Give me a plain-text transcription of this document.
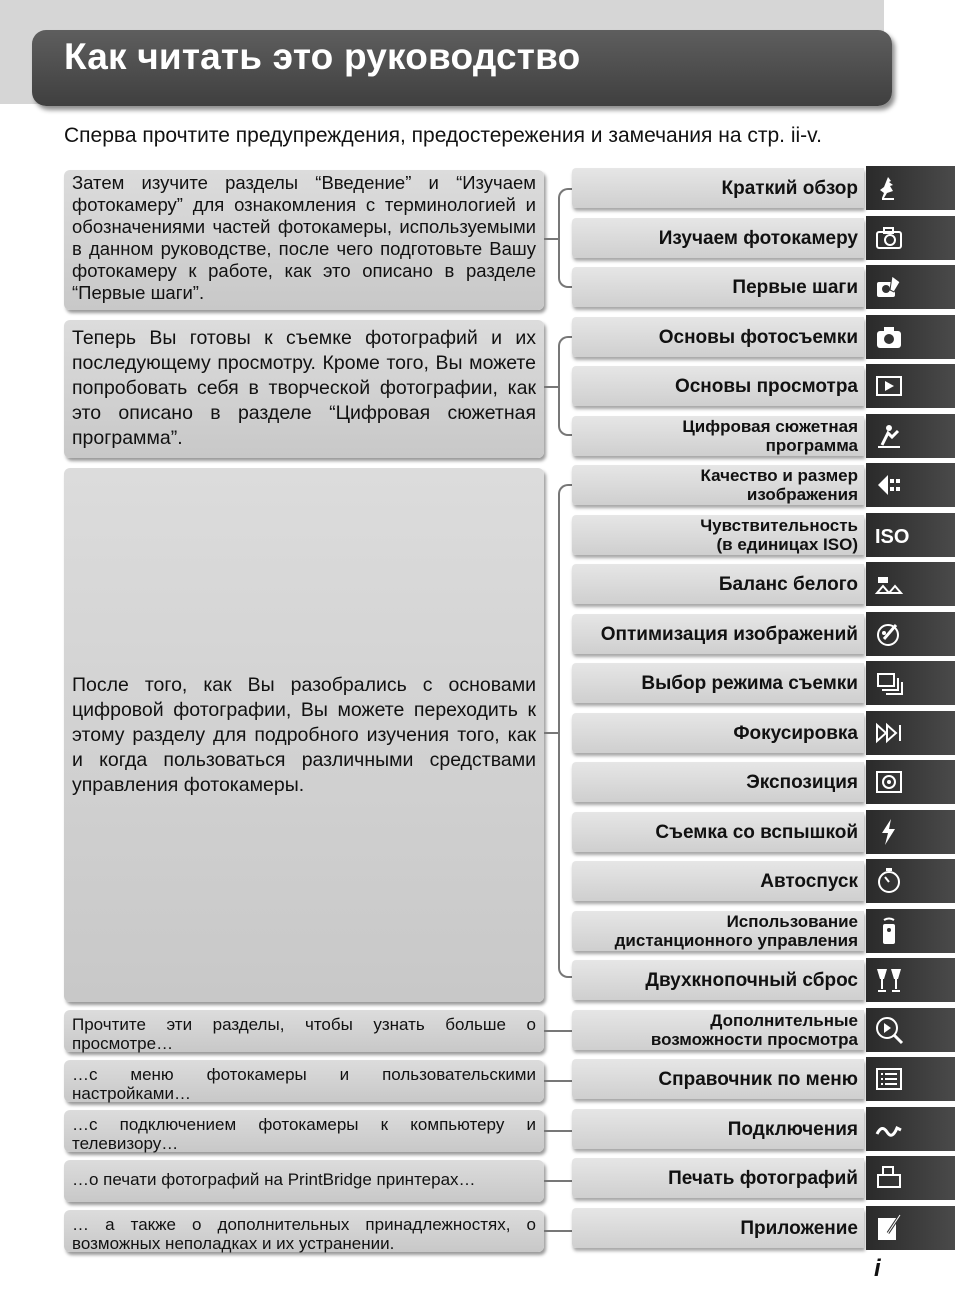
Как читать это руководство
Сперва прочтите предупреждения, предостережения и замечания на стр. ii-v.
Затем изучите разделы “Введение” и “Изучаем фотокамеру” для ознакомления с терминологией и обозначениями частей фотокамеры, используемыми в данном руководстве, после чего подготовьте Вашу фотокамеру к работе, как это описано в разделе “Первые шаги”.
Теперь Вы готовы к съемке фотографий и их последующему просмотру. Кроме того, Вы можете попробовать себя в творческой фотографии, как это описано в разделе “Цифровая сюжетная программа”.
После того, как Вы разобрались с основами цифровой фотографии, Вы можете переходить к этому разделу для подробного изучения того, как и когда пользоваться различными средствами управления фотокамеры.
Прочтите эти разделы, чтобы узнать больше о просмотре…
…с меню фотокамеры и пользовательскими настройками…
…с подключением фотокамеры к компьютеру и телевизору…
…о печати фотографий на PrintBridge принтерах…
… а также о дополнительных принадлежностях, о возможных неполадках и их устранении.
Краткий обзор
Изучаем фотокамеру
Первые шаги
Основы фотосъемки
Основы просмотра
Цифровая сюжетная
программа
Качество и размер
изображения
Чувствительность
(в единицах ISO)
Баланс белого
Оптимизация изображений
Выбор режима съемки
Фокусировка
Экспозиция
Съемка со вспышкой
Автоспуск
Использование
дистанционного управления
Двухкнопочный сброс
Дополнительные
возможности просмотра
Справочник по меню
Подключения
Печать фотографий
Приложение
ISO
i
